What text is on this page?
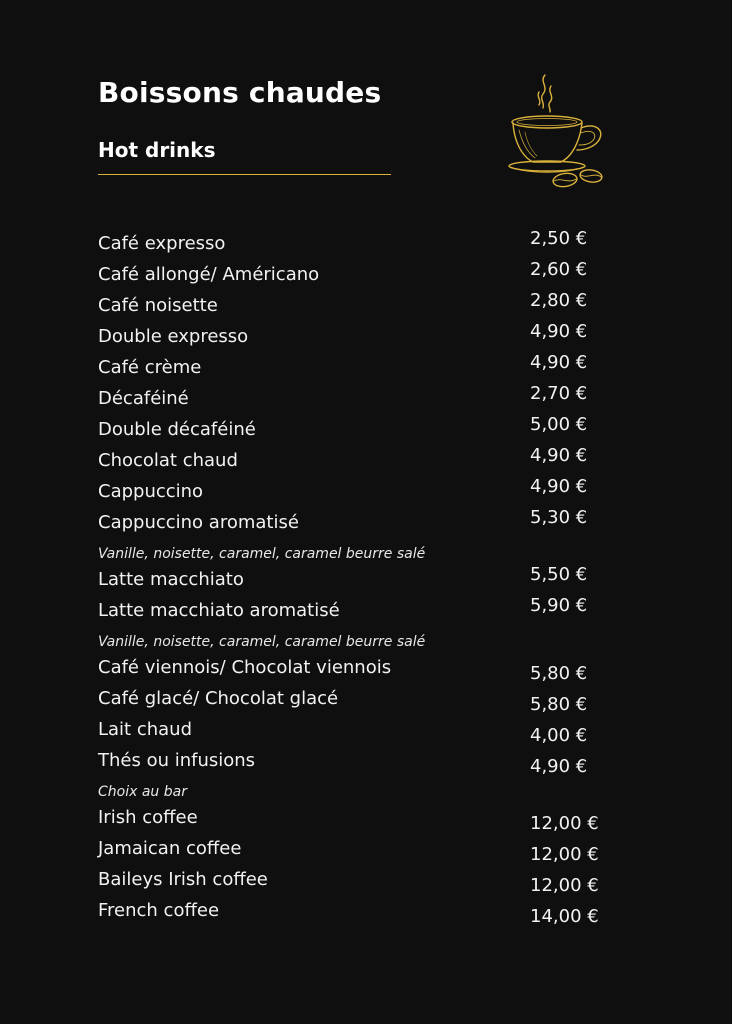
Boissons chaudes
Hot drinks
Café expresso	2,50 €
Café allongé/ Américano	2,60 €
Café noisette	2,80 €
Double expresso	4,90 €
Café crème	4,90 €
Décaféiné	2,70 €
Double décaféiné	5,00 €
Chocolat chaud	4,90 €
Cappuccino	4,90 €
Cappuccino aromatisé	5,30 €
Vanille, noisette, caramel, caramel beurre salé
Latte macchiato	5,50 €
Latte macchiato aromatisé	5,90 €
Vanille, noisette, caramel, caramel beurre salé
Café viennois/ Chocolat viennois	5,80 €
Café glacé/ Chocolat glacé	5,80 €
Lait chaud	4,00 €
Thés ou infusions	4,90 €
Choix au bar
Irish coffee	12,00 €
Jamaican coffee	12,00 €
Baileys Irish coffee	12,00 €
French coffee	14,00 €
